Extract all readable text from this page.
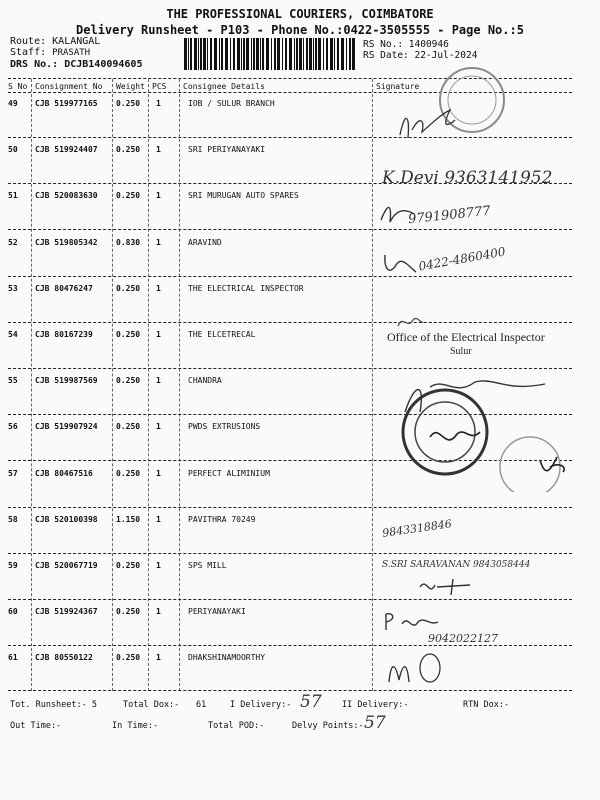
THE PROFESSIONAL COURIERS, COIMBATORE
Delivery Runsheet - P103 - Phone No.:0422-3505555 - Page No.:5
Route: KALANGAL
Staff: PRASATH
DRS No.: DCJB140094605
RS No.: 1400946
RS Date: 22-Jul-2024
S No Consignment No Weight PCS Consignee Details	Signature
49 CJB 519977165 0.250 1	IOB / SULUR BRANCH
50 CJB 519924407 0.250 1	SRI PERIYANAYAKI
51 CJB 520083630 0.250 1	SRI MURUGAN AUTO SPARES
52 CJB 519805342 0.830 1	ARAVIND
53 CJB 80476247	0.250 1	THE ELECTRICAL INSPECTOR
54 CJB 80167239	0.250 1	THE ELCETRECAL
55 CJB 519987569 0.250 1	CHANDRA
56 CJB 519907924 0.250 1	PWDS EXTRUSIONS
57 CJB 80467516	0.250 1	PERFECT ALIMINIUM
58 CJB 520100398 1.150 1	PAVITHRA 70249
59 CJB 520067719 0.250 1	SPS MILL
60 CJB 519924367 0.250 1	PERIYANAYAKI
61 CJB 80550122	0.250 1	DHAKSHINAMOORTHY
K.Devi 9363141952
9791908777
0422-4860400
Office of the Electrical Inspector
Sulur
9843318846
S.SRI SARAVANAN 9843058444
9042022127
Tot. Runsheet:- 5	Total Dox:- 61	I Delivery:- 57 II Delivery:-	RTN Dox:-
Out Time:-	In Time:-	Total POD:-	Delvy Points:- 57
